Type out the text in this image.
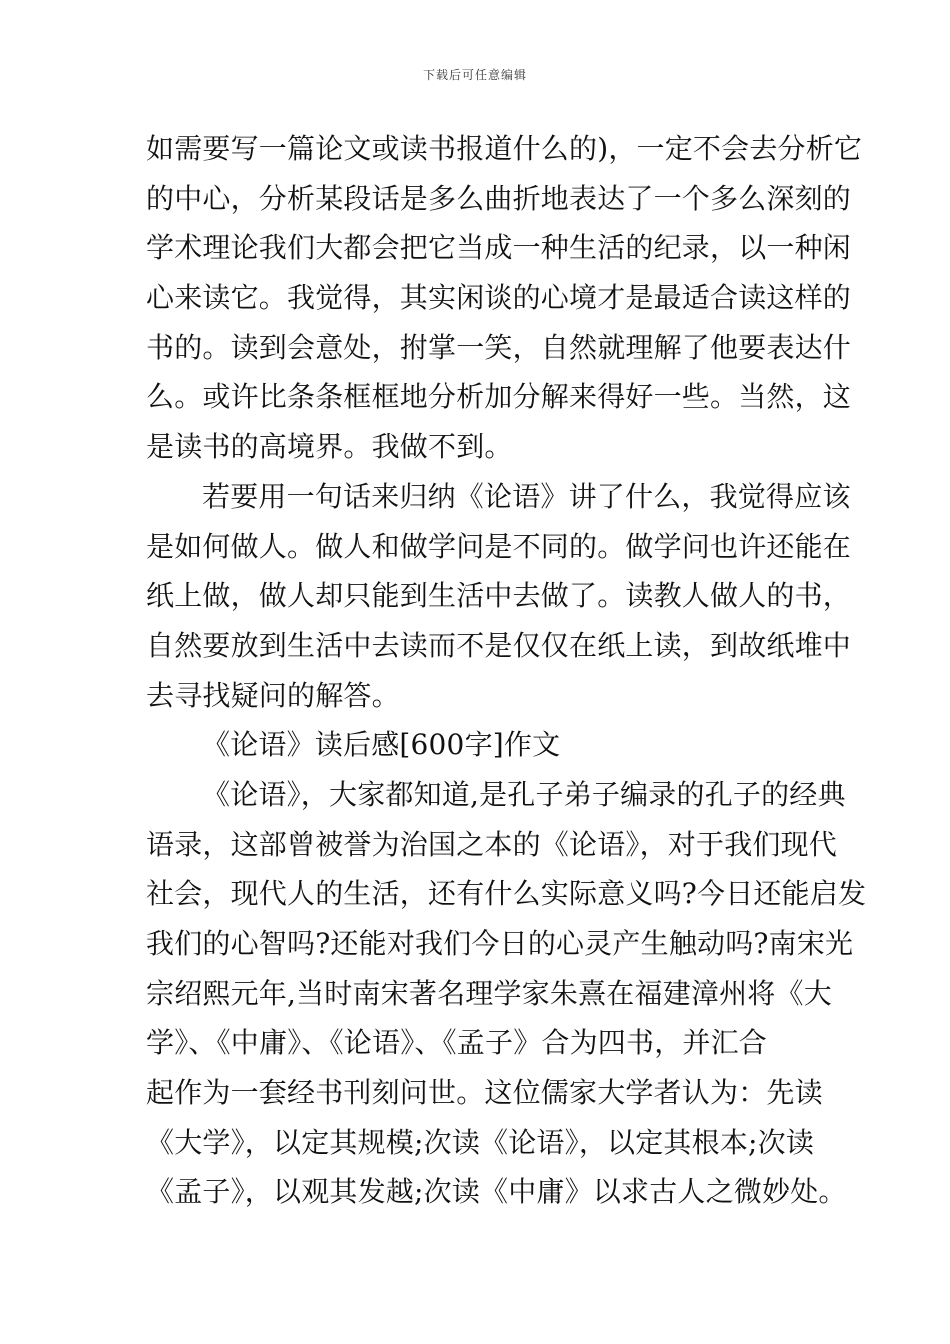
下载后可任意编辑
如需要写一篇论文或读书报道什么的)，一定不会去分析它
的中心，分析某段话是多么曲折地表达了一个多么深刻的
学术理论我们大都会把它当成一种生活的纪录，以一种闲
心来读它。我觉得，其实闲谈的心境才是最适合读这样的
书的。读到会意处，拊掌一笑，自然就理解了他要表达什
么。或许比条条框框地分析加分解来得好一些。当然，这
是读书的高境界。我做不到。
若要用一句话来归纳《论语》讲了什么，我觉得应该
是如何做人。做人和做学问是不同的。做学问也许还能在
纸上做，做人却只能到生活中去做了。读教人做人的书，
自然要放到生活中去读而不是仅仅在纸上读，到故纸堆中
去寻找疑问的解答。
《论语》读后感[600字]作文
《论语》，大家都知道,是孔子弟子编录的孔子的经典
语录，这部曾被誉为治国之本的《论语》，对于我们现代
社会，现代人的生活，还有什么实际意义吗?今日还能启发
我们的心智吗?还能对我们今日的心灵产生触动吗?南宋光
宗绍熙元年,当时南宋著名理学家朱熹在福建漳州将《大
学》、《中庸》、《论语》、《孟子》合为四书，并汇合
起作为一套经书刊刻问世。这位儒家大学者认为：先读
《大学》，以定其规模;次读《论语》，以定其根本;次读
《孟子》，以观其发越;次读《中庸》以求古人之微妙处。
